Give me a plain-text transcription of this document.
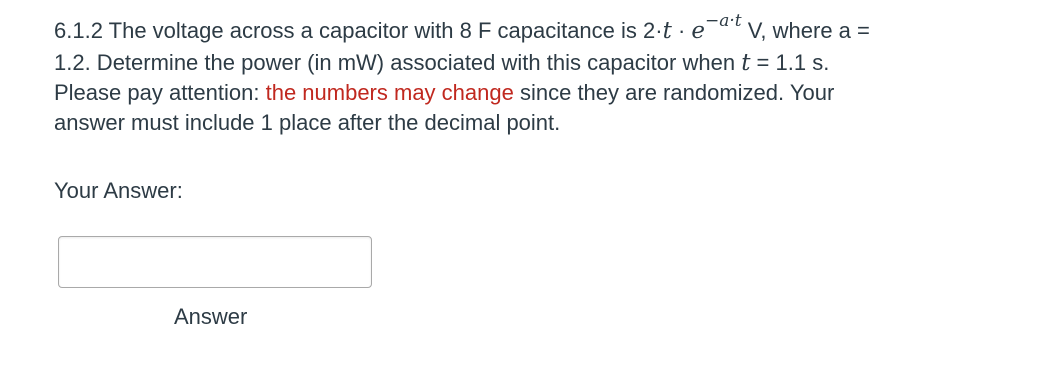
6.1.2 The voltage across a capacitor with 8 F capacitance is $2\cdot t \cdot e^{-a\cdot t}$ V, where a =
1.2. Determine the power (in mW) associated with this capacitor when t = 1.1 s.
Please pay attention: the numbers may change since they are randomized. Your
answer must include 1 place after the decimal point.
Your Answer:
Answer
